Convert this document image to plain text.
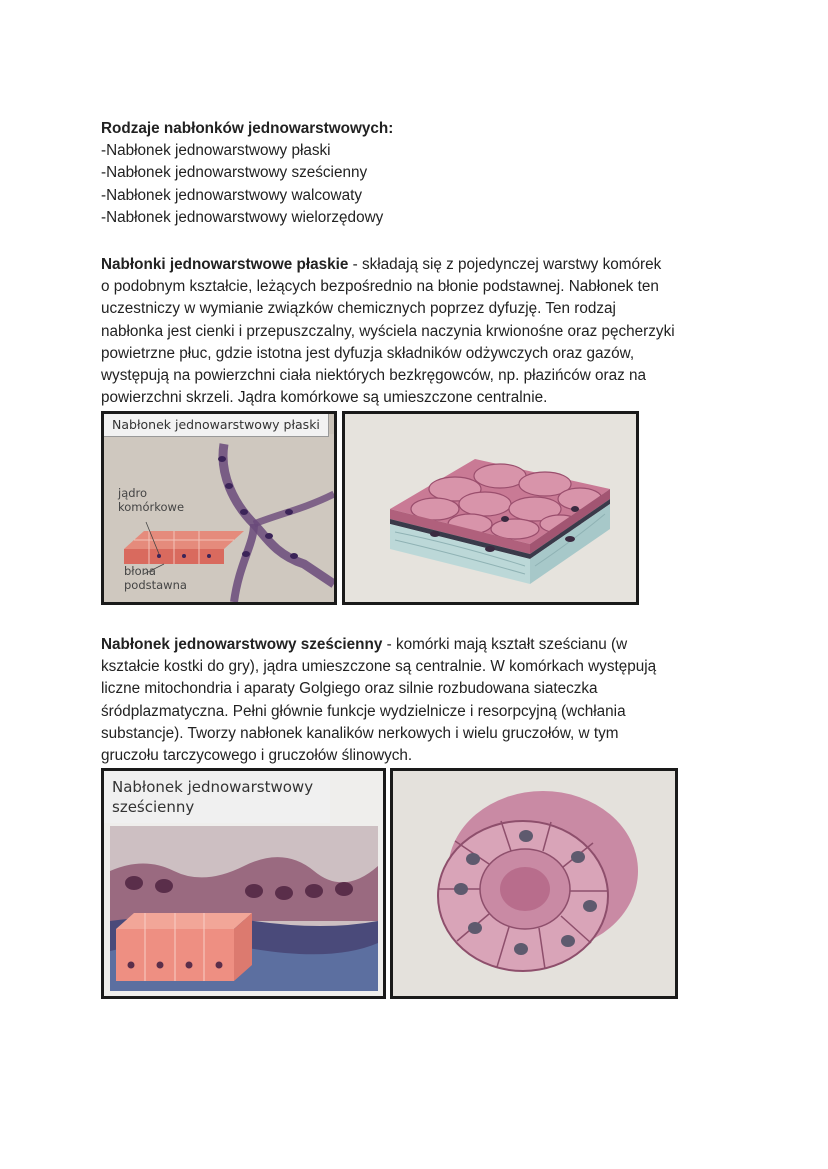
Rodzaje nabłonków jednowarstwowych:
-Nabłonek jednowarstwowy płaski
-Nabłonek jednowarstwowy sześcienny
-Nabłonek jednowarstwowy walcowaty
-Nabłonek jednowarstwowy wielorzędowy
Nabłonki jednowarstwowe płaskie - składają się z pojedynczej warstwy komórek
o podobnym kształcie, leżących bezpośrednio na błonie podstawnej. Nabłonek ten
uczestniczy w wymianie związków chemicznych poprzez dyfuzję. Ten rodzaj
nabłonka jest cienki i przepuszczalny, wyściela naczynia krwionośne oraz pęcherzyki
powietrzne płuc, gdzie istotna jest dyfuzja składników odżywczych oraz gazów,
występują na powierzchni ciała niektórych bezkręgowców, np. płazińców oraz na
powierzchni skrzeli. Jądra komórkowe są umieszczone centralnie.
Nabłonek jednowarstwowy płaski
jądro
komórkowe
błona
podstawna
Nabłonek jednowarstwowy sześcienny - komórki mają kształt sześcianu (w
kształcie kostki do gry), jądra umieszczone są centralnie. W komórkach występują
liczne mitochondria i aparaty Golgiego oraz silnie rozbudowana siateczka
śródplazmatyczna. Pełni głównie funkcje wydzielnicze i resorpcyjną (wchłania
substancje). Tworzy nabłonek kanalików nerkowych i wielu gruczołów, w tym
gruczołu tarczycowego i gruczołów ślinowych.
Nabłonek jednowarstwowy
sześcienny
